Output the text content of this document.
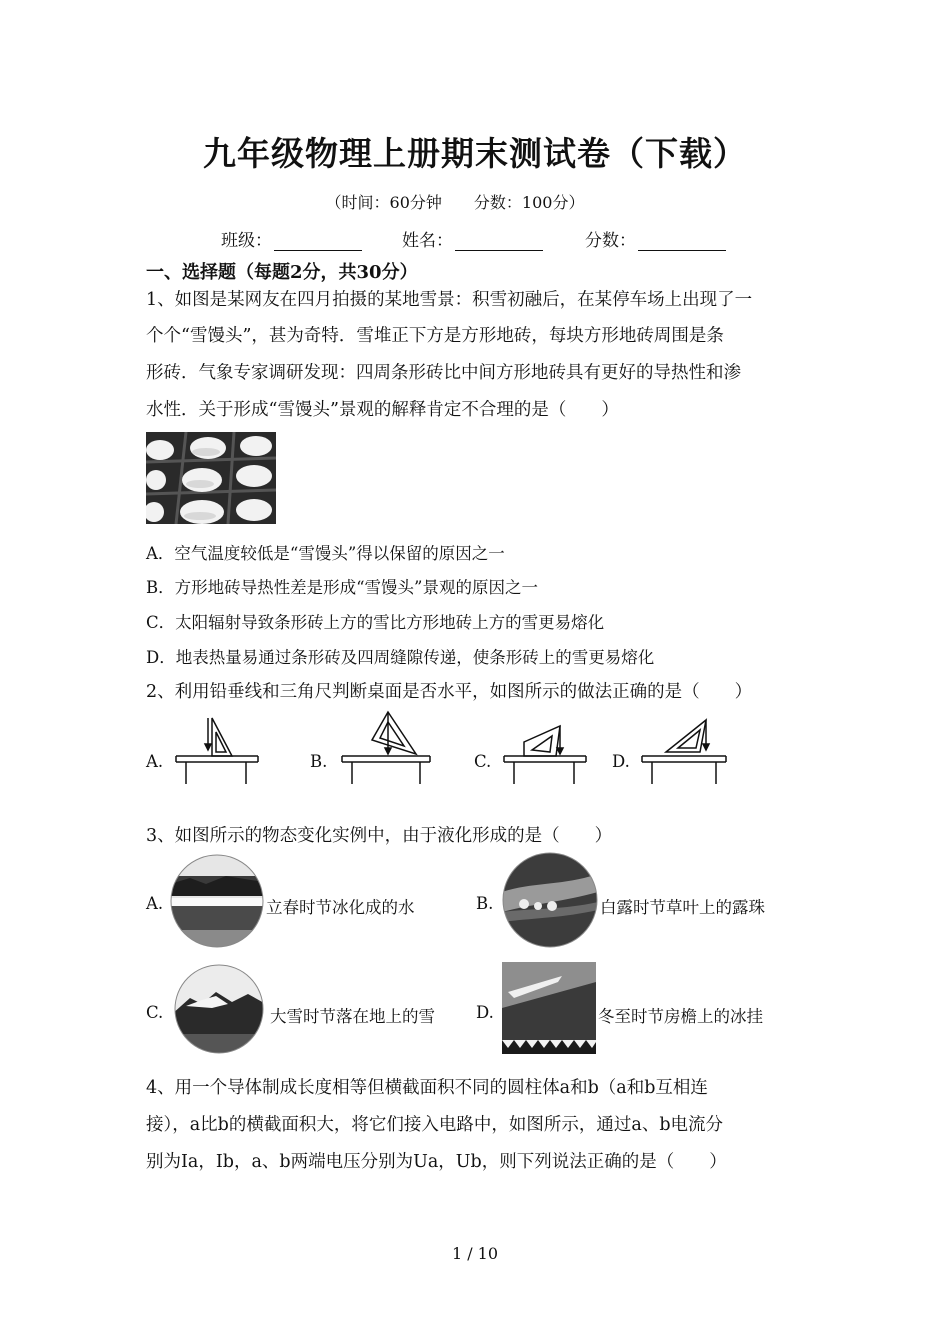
九年级物理上册期末测试卷（下载）
（时间：60分钟　　分数：100分）
班级：	姓名：	分数：
一、选择题（每题2分，共30分）
1、如图是某网友在四月拍摄的某地雪景：积雪初融后，在某停车场上出现了一
个个“雪馒头”，甚为奇特．雪堆正下方是方形地砖，每块方形地砖周围是条
形砖．气象专家调研发现：四周条形砖比中间方形地砖具有更好的导热性和渗
水性．关于形成“雪馒头”景观的解释肯定不合理的是（　　）
A．空气温度较低是“雪馒头”得以保留的原因之一
B．方形地砖导热性差是形成“雪馒头”景观的原因之一
C．太阳辐射导致条形砖上方的雪比方形地砖上方的雪更易熔化
D．地表热量易通过条形砖及四周缝隙传递，使条形砖上的雪更易熔化
2、利用铅垂线和三角尺判断桌面是否水平，如图所示的做法正确的是（　　）
A.	B.	C.	D.
3、如图所示的物态变化实例中，由于液化形成的是（　　）
A.	立春时节冰化成的水	B.	白露时节草叶上的露珠
C.	大雪时节落在地上的雪 D.	冬至时节房檐上的冰挂
4、用一个导体制成长度相等但横截面积不同的圆柱体a和b（a和b互相连
接），a比b的横截面积大，将它们接入电路中，如图所示，通过a、b电流分
别为Ia，Ib，a、b两端电压分别为Ua，Ub，则下列说法正确的是（　　）
1 / 10
